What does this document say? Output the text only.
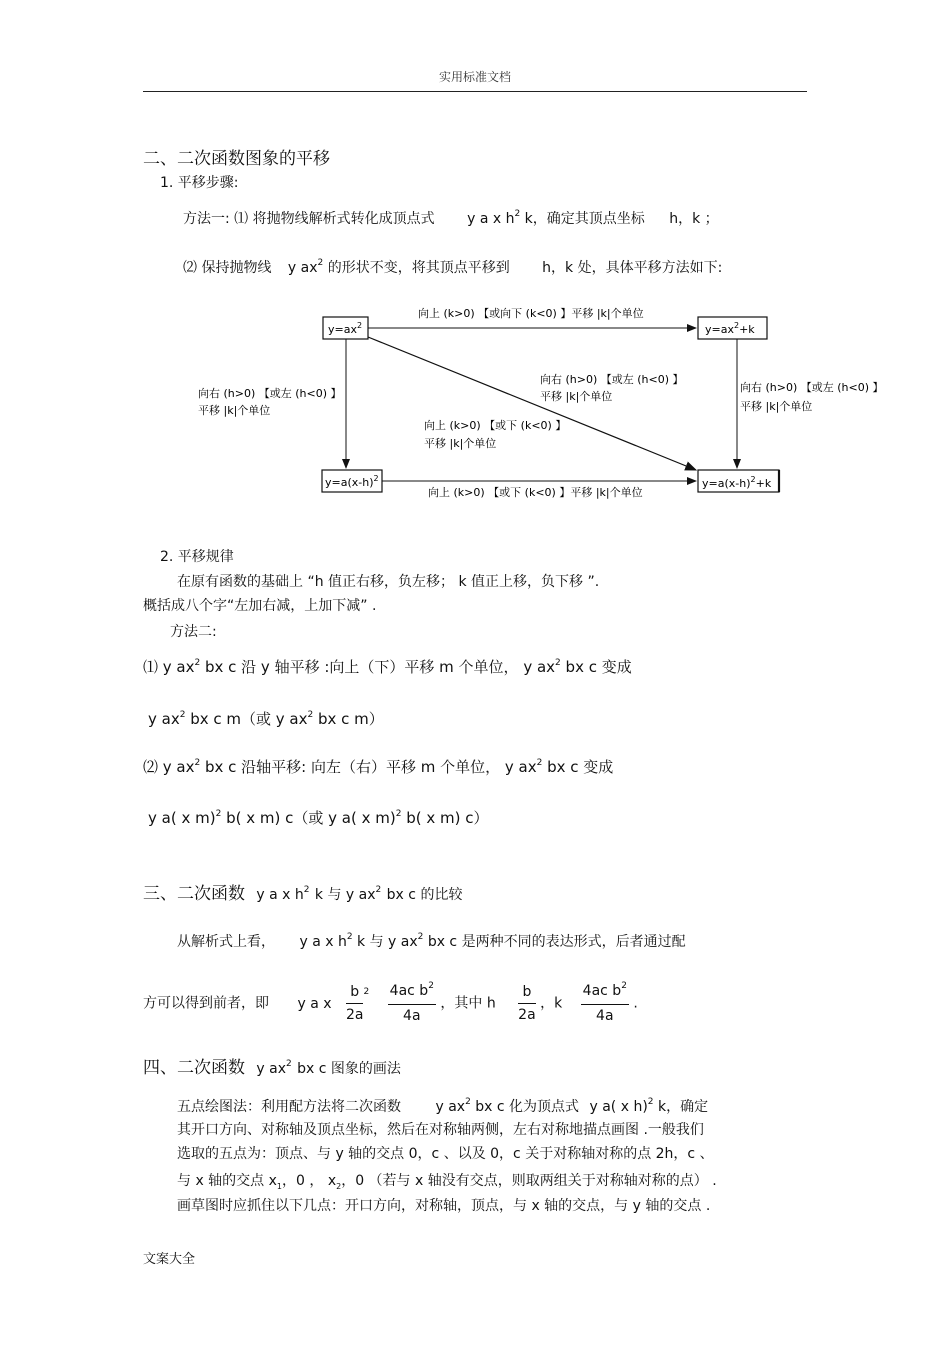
实用标准文档
二、二次函数图象的平移
1. 平移步骤:
方法一: ⑴ 将抛物线解析式转化成顶点式 y a x $h^2$ k，确定其顶点坐标 h，k ；
⑵ 保持抛物线 y $ax^2$ 的形状不变，将其顶点平移到 h，k 处，具体平移方法如下:
$y=ax^2$	$y=ax^2+k$
$y=a(x-h)^2$	$y=a(x-h)^2+k$
向上 (k>0) 【或向下 (k<0) 】平移 |k|个单位
向右 (h>0) 【或左 (h<0) 】
平移 |k|个单位
向右 (h>0) 【或左 (h<0) 】
平移 |k|个单位
向右 (h>0) 【或左 (h<0) 】
平移 |k|个单位
向上 (k>0) 【或下 (k<0) 】
平移 |k|个单位
向上 (k>0) 【或下 (k<0) 】平移 |k|个单位
2. 平移规律
在原有函数的基础上 “h 值正右移，负左移； k 值正上移，负下移 ”.
概括成八个字“左加右减，上加下减” .
方法二:
⑴ y $ax^2$ bx c 沿 y 轴平移 :向上（下）平移 m 个单位， y $ax^2$ bx c 变成
y $ax^2$ bx c m（或 y $ax^2$ bx c m）
⑵ y $ax^2$ bx c 沿轴平移: 向左（右）平移 m 个单位， y $ax^2$ bx c 变成
y a( x m)$^2$ b( x m) c（或 y a( x m)$^2$ b( x m) c）
三、二次函数 y a x $h^2$ k 与 y $ax^2$ bx c 的比较
从解析式上看， y a x $h^2$ k 与 y $ax^2$ bx c 是两种不同的表达形式，后者通过配
方可以得到前者，即 y a x $\frac{b}{2a} ^2 \frac{4ac b^2}{4a}$ ，其中 h $\frac{b}{2a}$ ，k $\frac{4ac b^2}{4a}$ .
四、二次函数 y $ax^2$ bx c 图象的画法
五点绘图法：利用配方法将二次函数 y $ax^2$ bx c 化为顶点式 y a( x h)$^2$ k，确定
其开口方向、对称轴及顶点坐标，然后在对称轴两侧，左右对称地描点画图 .一般我们
选取的五点为：顶点、与 y 轴的交点 0，c 、以及 0，c 关于对称轴对称的点 2h，c 、
与 x 轴的交点 $x_1$，0 ， $x_2$，0 （若与 x 轴没有交点，则取两组关于对称轴对称的点） .
画草图时应抓住以下几点：开口方向，对称轴，顶点，与 x 轴的交点，与 y 轴的交点 .
文案大全
